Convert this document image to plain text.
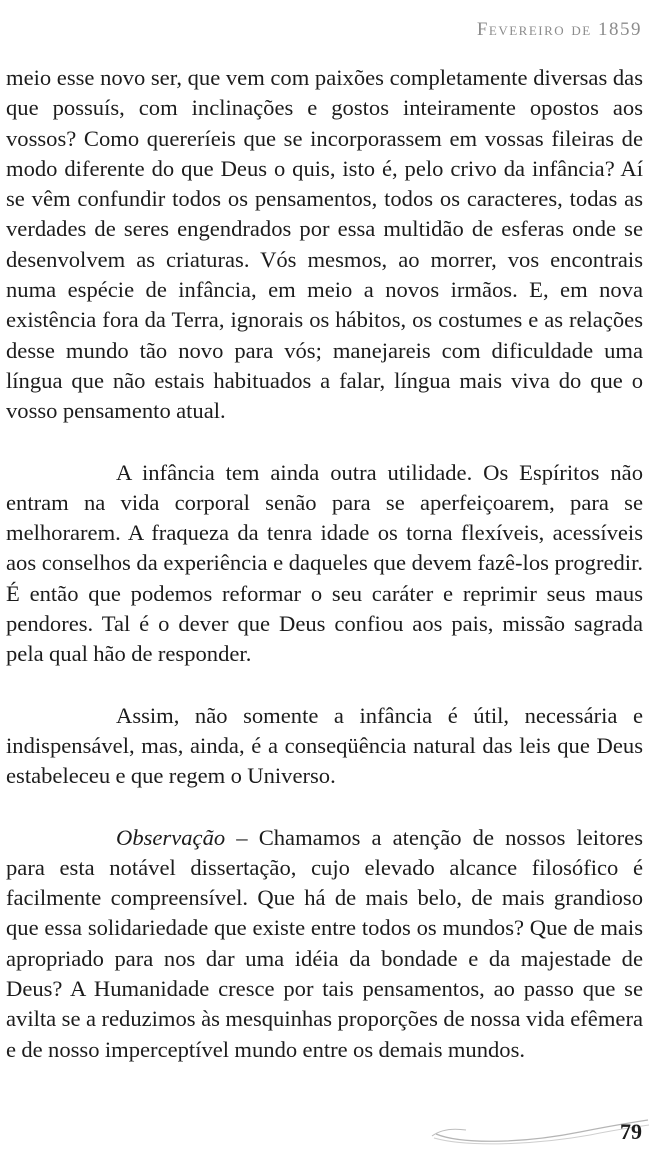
Fevereiro de 1859

meio esse novo ser, que vem com paixões completamente diversas das que possuís, com inclinações e gostos inteiramente opostos aos vossos? Como quereríeis que se incorporassem em vossas fileiras de modo diferente do que Deus o quis, isto é, pelo crivo da infância? Aí se vêm confundir todos os pensamentos, todos os caracteres, todas as verdades de seres engendrados por essa multidão de esferas onde se desenvolvem as criaturas. Vós mesmos, ao morrer, vos encontrais numa espécie de infância, em meio a novos irmãos. E, em nova existência fora da Terra, ignorais os hábitos, os costumes e as relações desse mundo tão novo para vós; manejareis com dificuldade uma língua que não estais habituados a falar, língua mais viva do que o vosso pensamento atual.

A infância tem ainda outra utilidade. Os Espíritos não entram na vida corporal senão para se aperfeiçoarem, para se melhorarem. A fraqueza da tenra idade os torna flexíveis, acessíveis aos conselhos da experiência e daqueles que devem fazê-los progredir. É então que podemos reformar o seu caráter e reprimir seus maus pendores. Tal é o dever que Deus confiou aos pais, missão sagrada pela qual hão de responder.

Assim, não somente a infância é útil, necessária e indispensável, mas, ainda, é a conseqüência natural das leis que Deus estabeleceu e que regem o Universo.

Observação – Chamamos a atenção de nossos leitores para esta notável dissertação, cujo elevado alcance filosófico é facilmente compreensível. Que há de mais belo, de mais grandioso que essa solidariedade que existe entre todos os mundos? Que de mais apropriado para nos dar uma idéia da bondade e da majestade de Deus? A Humanidade cresce por tais pensamentos, ao passo que se avilta se a reduzimos às mesquinhas proporções de nossa vida efêmera e de nosso imperceptível mundo entre os demais mundos.

79
